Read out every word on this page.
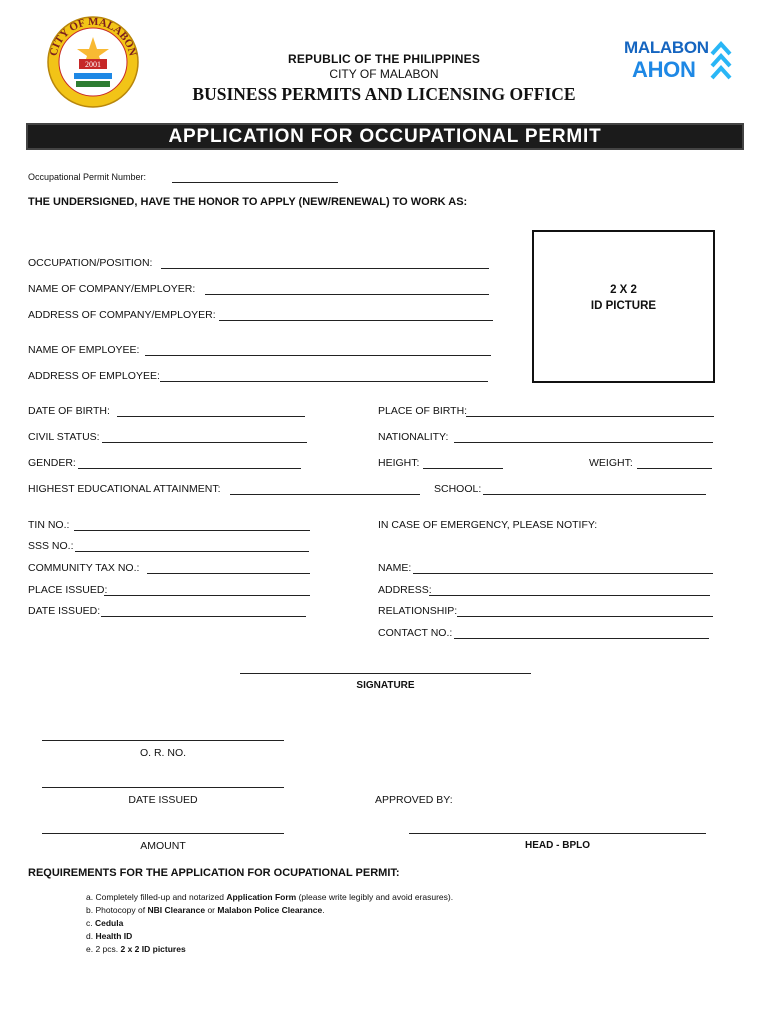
CITY OF MALABON
2001	REPUBLIC OF THE PHILIPPINES
CITY OF MALABON
BUSINESS PERMITS AND LICENSING OFFICE
MALABON
AHON
APPLICATION FOR OCCUPATIONAL PERMIT
Occupational Permit Number:
THE UNDERSIGNED, HAVE THE HONOR TO APPLY (NEW/RENEWAL) TO WORK AS:
2 X 2
ID PICTURE
OCCUPATION/POSITION:
NAME OF COMPANY/EMPLOYER:
ADDRESS OF COMPANY/EMPLOYER:
NAME OF EMPLOYEE:
ADDRESS OF EMPLOYEE:
DATE OF BIRTH:	PLACE OF BIRTH:
CIVIL STATUS:	NATIONALITY:
GENDER:	HEIGHT:	WEIGHT:
HIGHEST EDUCATIONAL ATTAINMENT:	SCHOOL:
TIN NO.:	IN CASE OF EMERGENCY, PLEASE NOTIFY:
SSS NO.:
COMMUNITY TAX NO.:	NAME:
PLACE ISSUED:	ADDRESS:
DATE ISSUED:	RELATIONSHIP:
CONTACT NO.:
SIGNATURE
O. R. NO.
DATE ISSUED	APPROVED BY:
AMOUNT	HEAD - BPLO
REQUIREMENTS FOR THE APPLICATION FOR OCUPATIONAL PERMIT:
a. Completely filled-up and notarized Application Form (please write legibly and avoid erasures).
b. Photocopy of NBI Clearance or Malabon Police Clearance.
c. Cedula
d. Health ID
e. 2 pcs. 2 x 2 ID pictures
